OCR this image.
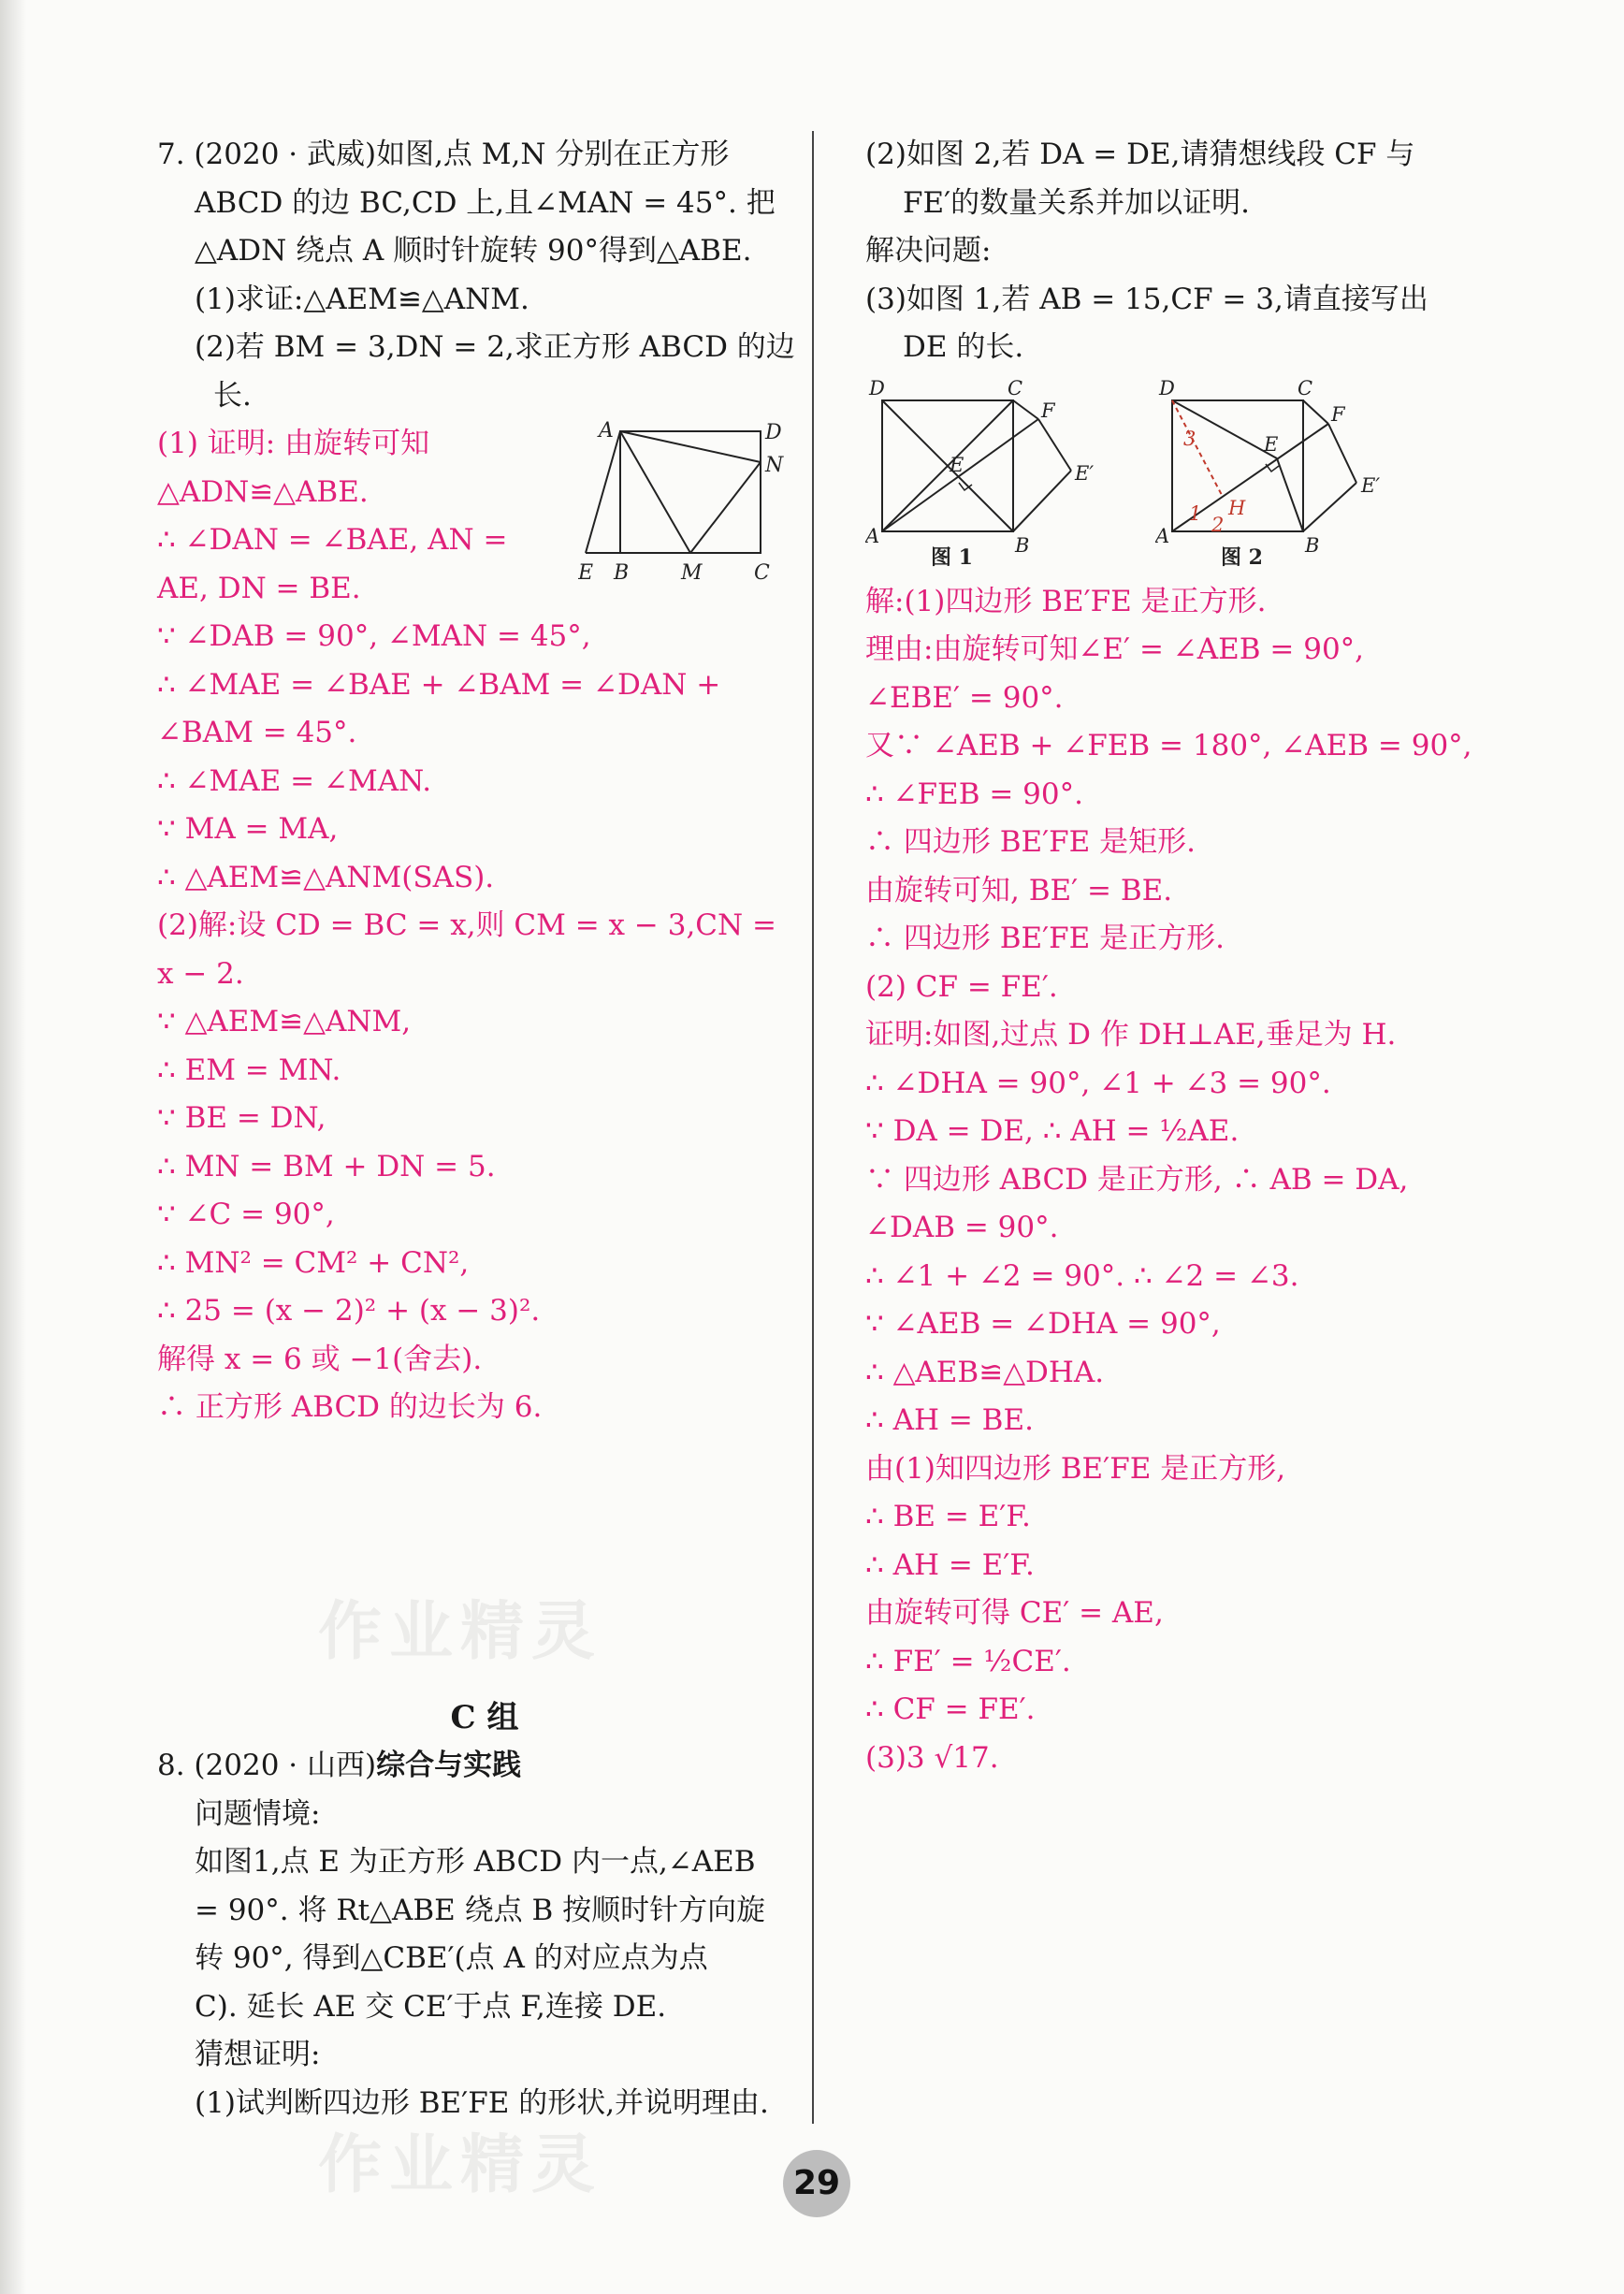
7. (2020 · 武威)如图,点 M,N 分别在正方形

ABCD 的边 BC,CD 上,且∠MAN = 45°. 把

△ADN 绕点 A 顺时针旋转 90°得到△ABE.

(1)求证:△AEM≌△ANM.

(2)若 BM = 3,DN = 2,求正方形 ABCD 的边

长.

A	D
N
E B	M	C

(1) 证明: 由旋转可知

△ADN≌△ABE.

∴ ∠DAN = ∠BAE, AN =

AE, DN = BE.

∵ ∠DAB = 90°, ∠MAN = 45°,

∴ ∠MAE = ∠BAE + ∠BAM = ∠DAN +

∠BAM = 45°.

∴ ∠MAE = ∠MAN.

∵ MA = MA,

∴ △AEM≌△ANM(SAS).

(2)解:设 CD = BC = x,则 CM = x − 3,CN =

x − 2.

∵ △AEM≌△ANM,

∴ EM = MN.

∵ BE = DN,

∴ MN = BM + DN = 5.

∵ ∠C = 90°,

∴ MN² = CM² + CN²,

∴ 25 = (x − 2)² + (x − 3)².

解得 x = 6 或 −1(舍去).

∴ 正方形 ABCD 的边长为 6.

C 组

8. (2020 · 山西)综合与实践

问题情境:

如图1,点 E 为正方形 ABCD 内一点,∠AEB

= 90°. 将 Rt△ABE 绕点 B 按顺时针方向旋

转 90°, 得到△CBE′(点 A 的对应点为点

C). 延长 AE 交 CE′于点 F,连接 DE.

猜想证明:

(1)试判断四边形 BE′FE 的形状,并说明理由.

(2)如图 2,若 DA = DE,请猜想线段 CF 与

FE′的数量关系并加以证明.

解决问题:

(3)如图 1,若 AB = 15,CF = 3,请直接写出

DE 的长.

D	C
F
E	E′
A	B
图 1
D	C
3
F
E
1 2
H
E′
A	B
图 2

解:(1)四边形 BE′FE 是正方形.

理由:由旋转可知∠E′ = ∠AEB = 90°,

∠EBE′ = 90°.

又∵ ∠AEB + ∠FEB = 180°, ∠AEB = 90°,

∴ ∠FEB = 90°.

∴ 四边形 BE′FE 是矩形.

由旋转可知, BE′ = BE.

∴ 四边形 BE′FE 是正方形.

(2) CF = FE′.

证明:如图,过点 D 作 DH⊥AE,垂足为 H.

∴ ∠DHA = 90°, ∠1 + ∠3 = 90°.

∵ DA = DE, ∴ AH = ½AE.

∵ 四边形 ABCD 是正方形, ∴ AB = DA,

∠DAB = 90°.

∴ ∠1 + ∠2 = 90°. ∴ ∠2 = ∠3.

∵ ∠AEB = ∠DHA = 90°,

∴ △AEB≌△DHA.

∴ AH = BE.

由(1)知四边形 BE′FE 是正方形,

∴ BE = E′F.

∴ AH = E′F.

由旋转可得 CE′ = AE,

∴ FE′ = ½CE′.

∴ CF = FE′.

(3)3 √17.

作业精灵
作业精灵	29
